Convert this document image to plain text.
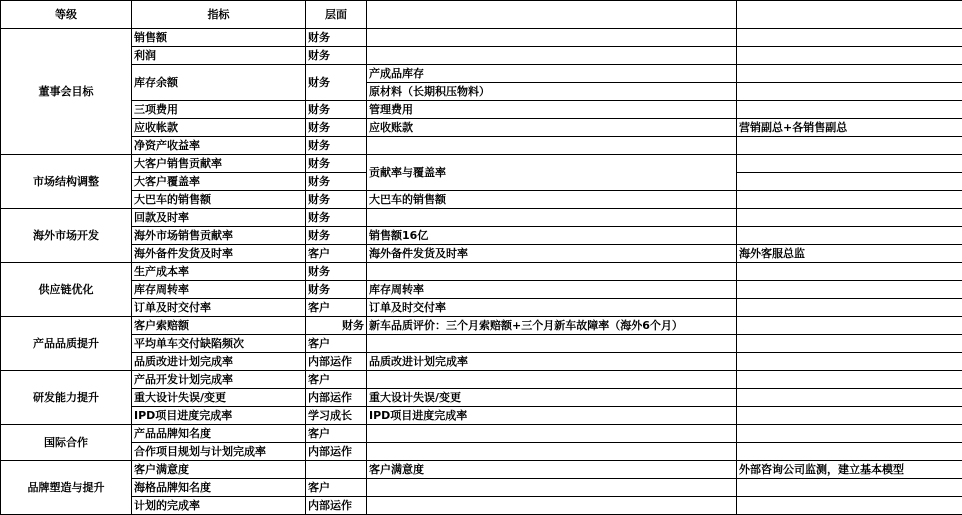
等级	指标	层面		
董事会目标	销售额	财务		
	利润	财务		
	库存余额	财务	产成品库存	
			原材料（长期积压物料）	
	三项费用	财务	管理费用	
	应收帐款	财务	应收账款	营销副总+各销售副总
	净资产收益率	财务		
市场结构调整	大客户销售贡献率	财务	贡献率与覆盖率	
	大客户覆盖率	财务		
	大巴车的销售额	财务	大巴车的销售额	
海外市场开发	回款及时率	财务		
	海外市场销售贡献率	财务	销售额16亿	
	海外备件发货及时率	客户	海外备件发货及时率	海外客服总监
供应链优化	生产成本率	财务		
	库存周转率	财务	库存周转率	
	订单及时交付率	客户	订单及时交付率	
产品品质提升	客户索赔额	财务	新车品质评价：三个月索赔额+三个月新车故障率（海外6个月）	
	平均单车交付缺陷频次	客户		
	品质改进计划完成率	内部运作	品质改进计划完成率	
研发能力提升	产品开发计划完成率	客户		
	重大设计失误/变更	内部运作	重大设计失误/变更	
	IPD项目进度完成率	学习成长	IPD项目进度完成率	
国际合作	产品品牌知名度	客户		
	合作项目规划与计划完成率	内部运作		
品牌塑造与提升	客户满意度		客户满意度	外部咨询公司监测，建立基本模型
	海格品牌知名度	客户		
	计划的完成率	内部运作		
